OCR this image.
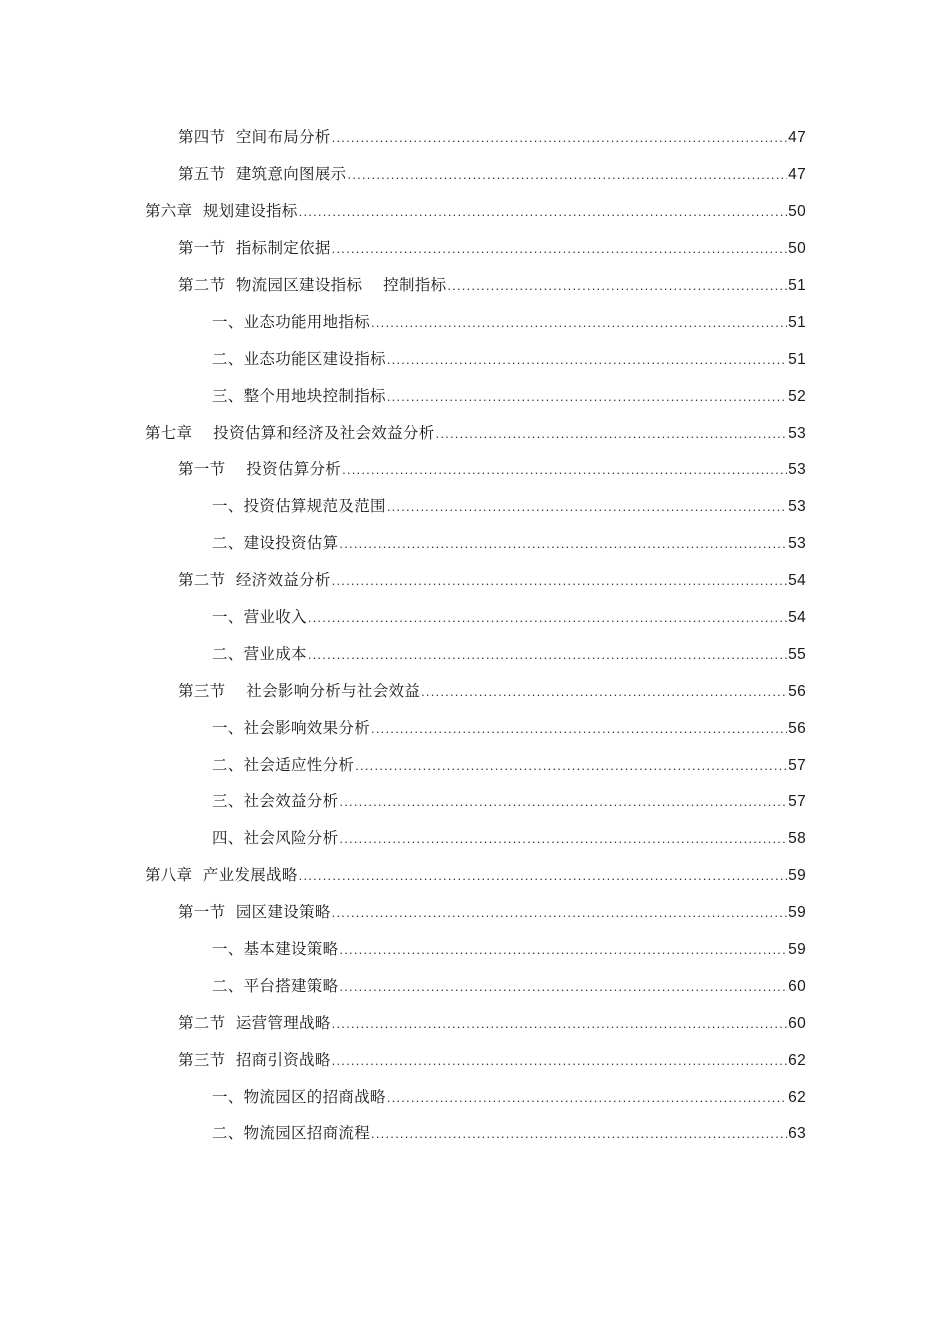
第四节  空间布局分析 .....	47
第五节  建筑意向图展示 .....	47
第六章  规划建设指标 .....	50
第一节  指标制定依据 .....	50
第二节  物流园区建设指标    控制指标 .....	51
一、业态功能用地指标 .....	51
二、业态功能区建设指标 .....	51
三、整个用地块控制指标 .....	52
第七章    投资估算和经济及社会效益分析 .....	53
第一节    投资估算分析 .....	53
一、投资估算规范及范围 .....	53
二、建设投资估算 .....	53
第二节  经济效益分析 .....	54
一、营业收入 .....	54
二、营业成本 .....	55
第三节    社会影响分析与社会效益 .....	56
一、社会影响效果分析 .....	56
二、社会适应性分析 .....	57
三、社会效益分析 .....	57
四、社会风险分析 .....	58
第八章  产业发展战略 .....	59
第一节  园区建设策略 .....	59
一、基本建设策略 .....	59
二、平台搭建策略 .....	60
第二节  运营管理战略 .....	60
第三节  招商引资战略 .....	62
一、物流园区的招商战略 .....	62
二、物流园区招商流程 .....	63
